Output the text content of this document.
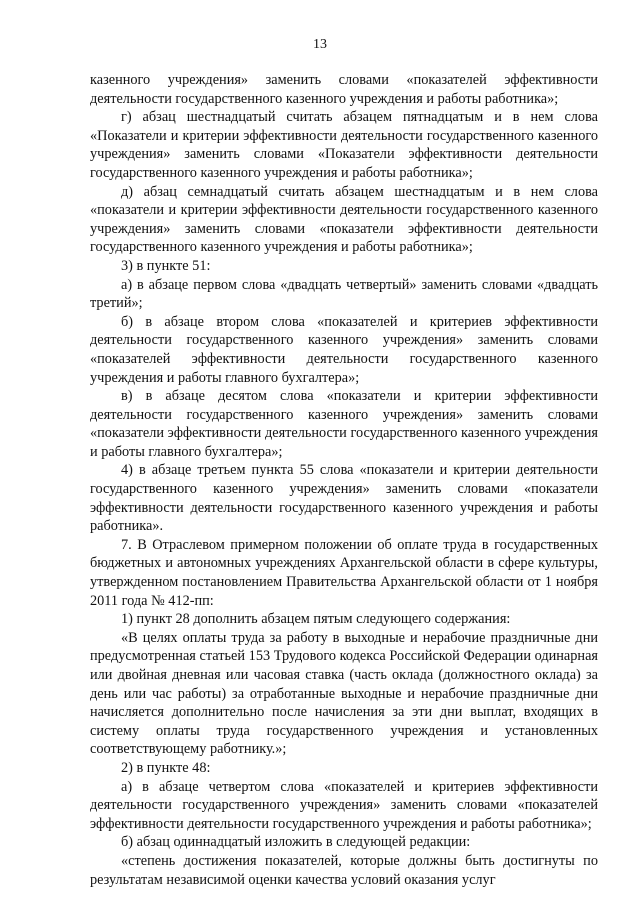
13

казенного учреждения» заменить словами «показателей эффективности деятельности государственного казенного учреждения и работы работника»;

г) абзац шестнадцатый считать абзацем пятнадцатым и в нем слова «Показатели и критерии эффективности деятельности государственного казенного учреждения» заменить словами «Показатели эффективности деятельности государственного казенного учреждения и работы работника»;

д) абзац семнадцатый считать абзацем шестнадцатым и в нем слова «показатели и критерии эффективности деятельности государственного казенного учреждения» заменить словами «показатели эффективности деятельности государственного казенного учреждения и работы работника»;

3) в пункте 51:

а) в абзаце первом слова «двадцать четвертый» заменить словами «двадцать третий»;

б) в абзаце втором слова «показателей и критериев эффективности деятельности государственного казенного учреждения» заменить словами «показателей эффективности деятельности государственного казенного учреждения и работы главного бухгалтера»;

в) в абзаце десятом слова «показатели и критерии эффективности деятельности государственного казенного учреждения» заменить словами «показатели эффективности деятельности государственного казенного учреждения и работы главного бухгалтера»;

4) в абзаце третьем пункта 55 слова «показатели и критерии деятельности государственного казенного учреждения» заменить словами «показатели эффективности деятельности государственного казенного учреждения и работы работника».

7. В Отраслевом примерном положении об оплате труда в государственных бюджетных и автономных учреждениях Архангельской области в сфере культуры, утвержденном постановлением Правительства Архангельской области от 1 ноября 2011 года № 412-пп:

1) пункт 28 дополнить абзацем пятым следующего содержания:

«В целях оплаты труда за работу в выходные и нерабочие праздничные дни предусмотренная статьей 153 Трудового кодекса Российской Федерации одинарная или двойная дневная или часовая ставка (часть оклада (должностного оклада) за день или час работы) за отработанные выходные и нерабочие праздничные дни начисляется дополнительно после начисления за эти дни выплат, входящих в систему оплаты труда государственного учреждения и установленных соответствующему работнику.»;

2) в пункте 48:

а) в абзаце четвертом слова «показателей и критериев эффективности деятельности государственного учреждения» заменить словами «показателей эффективности деятельности государственного учреждения и работы работника»;

б) абзац одиннадцатый изложить в следующей редакции:

«степень достижения показателей, которые должны быть достигнуты по результатам независимой оценки качества условий оказания услуг
